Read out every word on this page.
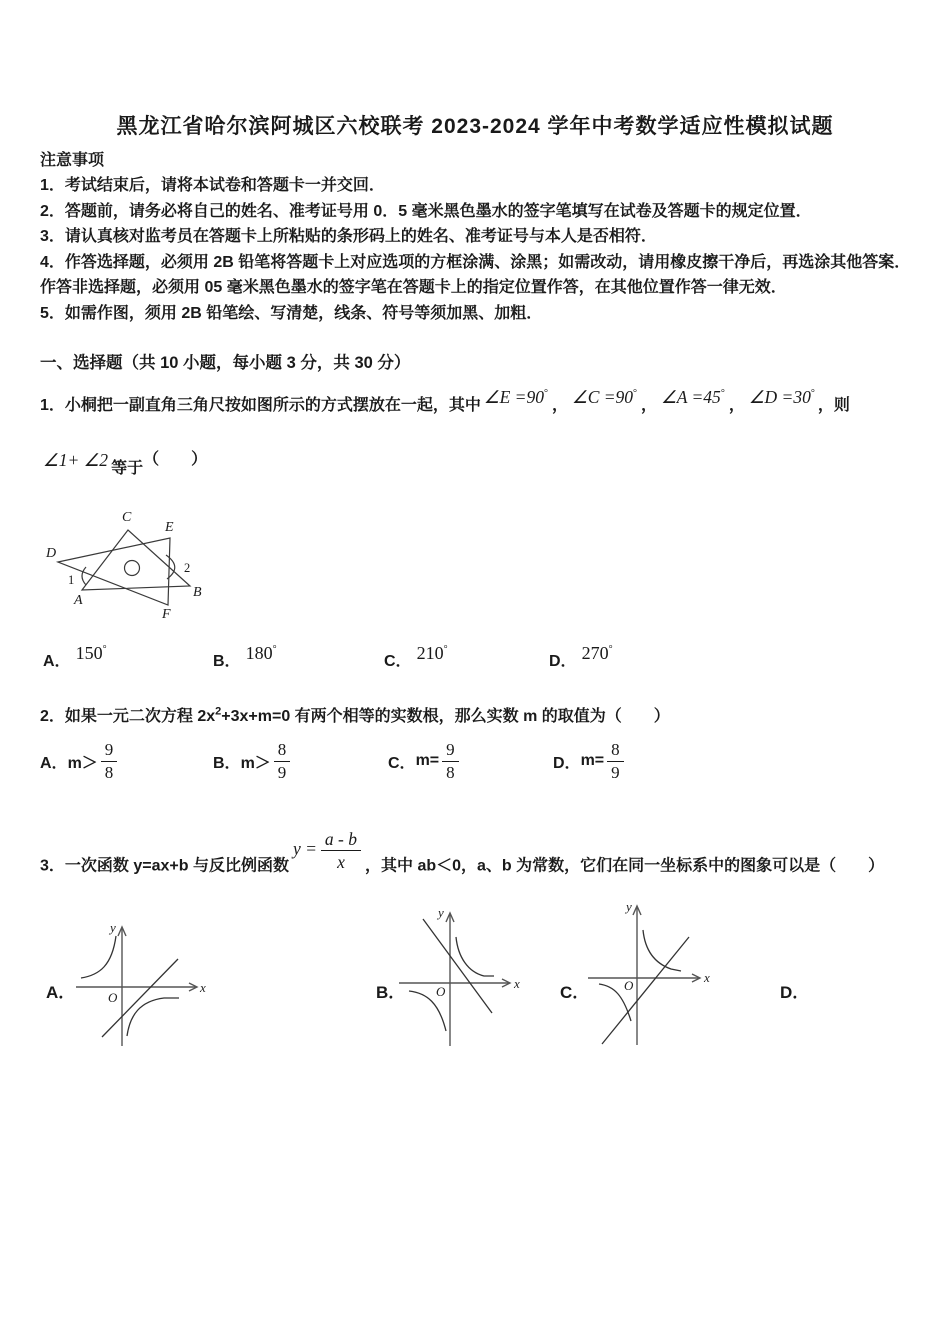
黑龙江省哈尔滨阿城区六校联考 2023-2024 学年中考数学适应性模拟试题
注意事项

1．考试结束后，请将本试卷和答题卡一并交回．

2．答题前，请务必将自己的姓名、准考证号用 0．5 毫米黑色墨水的签字笔填写在试卷及答题卡的规定位置．

3．请认真核对监考员在答题卡上所粘贴的条形码上的姓名、准考证号与本人是否相符．

4．作答选择题，必须用 2B 铅笔将答题卡上对应选项的方框涂满、涂黑；如需改动，请用橡皮擦干净后，再选涂其他答案．作答非选择题，必须用 05 毫米黑色墨水的签字笔在答题卡上的指定位置作答，在其他位置作答一律无效．

5．如需作图，须用 2B 铅笔绘、写清楚，线条、符号等须加黑、加粗．

一、选择题（共 10 小题，每小题 3 分，共 30 分）
1．小桐把一副直角三角尺按如图所示的方式摆放在一起，其中 ∠E =90°， ∠C =90°， ∠A =45°， ∠D =30°，则
∠1+ ∠2 等于（　　）
D
C
E
A
B
F
1
2
A． 150°
B． 180°
C． 210°
D． 270°
2．如果一元二次方程 $2x^2+3x+m=0$ 有两个相等的实数根，那么实数 m 的取值为（　　）
A． $m> \frac{9}{8}$	B． $m> \frac{8}{9}$	C． $m= \frac{9}{8}$	D． $m= \frac{8}{9}$
3．一次函数 y=ax+b 与反比例函数$y = \frac{a - b}{x}$ ，其中 ab＜0，a、b 为常数，它们在同一坐标系中的图象可以是（　　）
A．	B．	C．	D．
y
x
O
y
x
O
y
x
O
